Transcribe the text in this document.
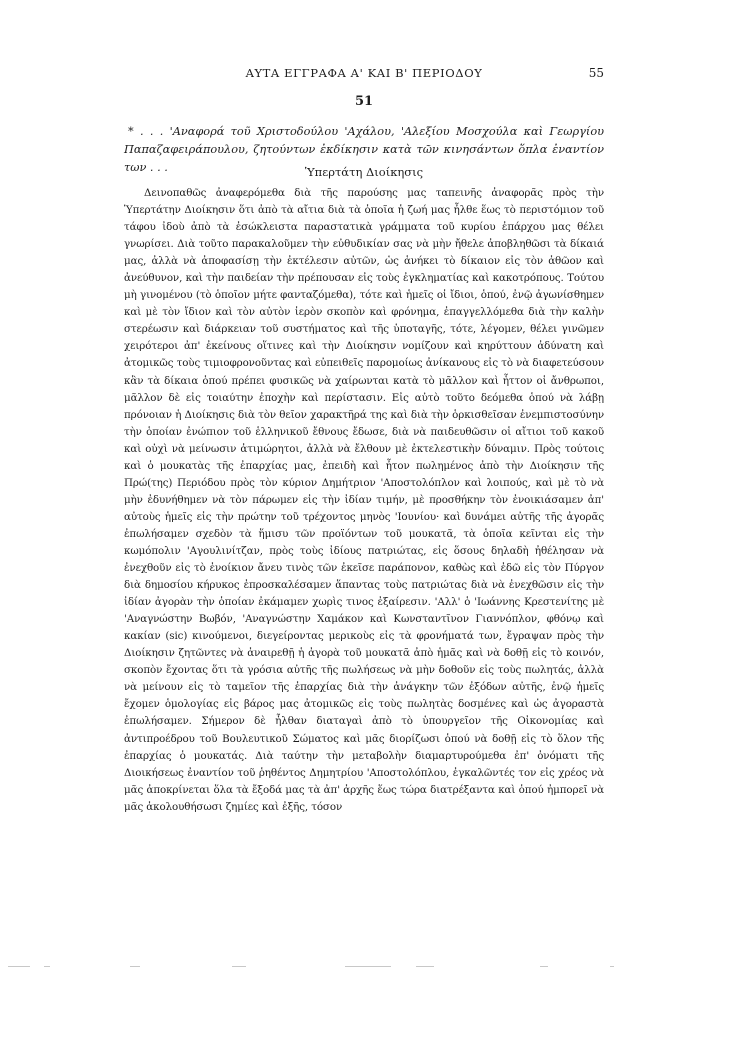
ΑΥΤΑ ΕΓΓΡΑΦΑ Α' ΚΑΙ Β' ΠΕΡΙΟΔΟΥ	55
51
* . . . 'Αναφορά τοῦ Χριστοδούλου 'Αχάλου, 'Αλεξίου Μοσχούλα καὶ Γεωργίου Παπαζαφειράπουλου, ζητούντων ἐκδίκησιν κατὰ τῶν κινησάντων ὅπλα ἐναντίον των . . .	Ὑπερτάτη Διοίκησις
Δεινοπαθῶς ἀναφερόμεθα διὰ τῆς παρούσης μας ταπεινῆς ἀναφορᾶς πρὸς τὴν Ὑπερτάτην Διοίκησιν ὅτι ἀπὸ τὰ αἴτια διὰ τὰ ὁποῖα ἡ ζωή μας ἦλθε ἕως τὸ περιστόμιον τοῦ τάφου ἰδοὺ ἀπὸ τὰ ἐσώκλειστα παραστατικὰ γράμματα τοῦ κυρίου ἐπάρχου μας θέλει γνωρίσει. Διὰ τοῦτο παρακαλοῦμεν τὴν εὐθυδικίαν σας νὰ μὴν ἤθελε ἀποβληθῶσι τὰ δίκαιά μας, ἀλλὰ νὰ ἀποφασίσῃ τὴν ἐκτέλεσιν αὐτῶν, ὡς ἁνήκει τὸ δίκαιον εἰς τὸν ἀθῶον καὶ ἀνεύθυνον, καὶ τὴν παιδείαν τὴν πρέπουσαν εἰς τοὺς ἐγκληματίας καὶ κακοτρόπους. Τούτου μὴ γινομένου (τὸ ὁποῖον μήτε φανταζόμεθα), τότε καὶ ἡμεῖς οἱ ἴδιοι, ὁπού, ἐνῷ ἀγωνίσθημεν καὶ μὲ τὸν ἴδιον καὶ τὸν αὐτὸν ἱερὸν σκοπὸν καὶ φρόνημα, ἐπαγγελλόμεθα διὰ τὴν καλὴν στερέωσιν καὶ διάρκειαν τοῦ συστήματος καὶ τῆς ὑποταγῆς, τότε, λέγομεν, θέλει γινῶμεν χειρότεροι ἀπ' ἐκείνους οἵτινες καὶ τὴν Διοίκησιν νομίζουν καὶ κηρύττουν ἀδύνατη καὶ ἀτομικῶς τοὺς τιμιοφρονοῦντας καὶ εὐπειθεῖς παρομοίως ἀνίκανους εἰς τὸ νὰ διαφετεύσουν κἂν τὰ δίκαια ὁπού πρέπει φυσικῶς νὰ χαίρωνται κατὰ τὸ μᾶλλον καὶ ἧττον οἱ ἄνθρωποι, μᾶλλον δὲ εἰς τοιαύτην ἐποχὴν καὶ περίστασιν. Εἰς αὐτὸ τοῦτο δεόμεθα ὁπού νὰ λάβῃ πρόνοιαν ἡ Διοίκησις διὰ τὸν θεῖον χαρακτῆρά της καὶ διὰ τὴν ὁρκισθεῖσαν ἐνεμπιστοσύνην τὴν ὁποίαν ἐνώπιον τοῦ ἑλληνικοῦ ἔθνους ἔδωσε, διὰ νὰ παιδευθῶσιν οἱ αἴτιοι τοῦ κακοῦ καὶ οὐχὶ νὰ μείνωσιν ἀτιμώρητοι, ἀλλὰ νὰ ἔλθουν μὲ ἐκτελεστικὴν δύναμιν. Πρὸς τούτοις καὶ ὁ μουκατὰς τῆς ἐπαρχίας μας, ἐπειδὴ καὶ ἦτον πωλημένος ἀπὸ τὴν Διοίκησιν τῆς Πρώ(της) Περιόδου πρὸς τὸν κύριον Δημήτριον 'Αποστολόπλον καὶ λοιπούς, καὶ μὲ τὸ νὰ μὴν ἐδυνήθημεν νὰ τὸν πάρωμεν εἰς τὴν ἰδίαν τιμήν, μὲ προσθήκην τὸν ἐνοικιάσαμεν ἀπ' αὐτοὺς ἡμεῖς εἰς τὴν πρώτην τοῦ τρέχοντος μηνὸς 'Ιουνίου· καὶ δυνάμει αὐτῆς τῆς ἀγορᾶς ἐπωλήσαμεν σχεδὸν τὰ ἥμισυ τῶν προϊόντων τοῦ μουκατᾶ, τὰ ὁποῖα κεῖνται εἰς τὴν κωμόπολιν 'Αγουλινίτζαν, πρὸς τοὺς ἰδίους πατριώτας, εἰς ὅσους δηλαδὴ ἠθέλησαν νὰ ἐνεχθοῦν εἰς τὸ ἐνοίκιον ἄνευ τινὸς τῶν ἐκεῖσε παράπονον, καθὼς καὶ ἐδῶ εἰς τὸν Πύργον διὰ δημοσίου κήρυκος ἐπροσκαλέσαμεν ἅπαντας τοὺς πατριώτας διὰ νὰ ἐνεχθῶσιν εἰς τὴν ἰδίαν ἀγορὰν τὴν ὁποίαν ἐκάμαμεν χωρὶς τινος ἐξαίρεσιν. 'Αλλ' ὁ 'Ιωάννης Κρεστενίτης μὲ 'Αναγνώστην Βωβόν, 'Αναγνώστην Χαμάκον καὶ Κωνσταντῖνον Γιαννόπλον, φθόνῳ καὶ κακίαν (sic) κινούμενοι, διεγείροντας μερικοὺς εἰς τὰ φρονήματά των, ἔγραψαν πρὸς τὴν Διοίκησιν ζητῶντες νὰ ἀναιρεθῇ ἡ ἀγορὰ τοῦ μουκατᾶ ἀπὸ ἡμᾶς καὶ νὰ δοθῇ εἰς τὸ κοινόν, σκοπὸν ἔχοντας ὅτι τὰ γρόσια αὐτῆς τῆς πωλήσεως νὰ μὴν δοθοῦν εἰς τοὺς πωλητάς, ἀλλὰ νὰ μείνουν εἰς τὸ ταμεῖον τῆς ἐπαρχίας διὰ τὴν ἀνάγκην τῶν ἐξόδων αὐτῆς, ἐνῷ ἡμεῖς ἔχομεν ὁμολογίας εἰς βάρος μας ἀτομικῶς εἰς τοὺς πωλητὰς δοσμένες καὶ ὡς ἀγοραστὰ ἐπωλήσαμεν. Σήμερον δὲ ἦλθαν διαταγαὶ ἀπὸ τὸ ὑπουργεῖον τῆς Οἰκονομίας καὶ ἀντιπροέδρου τοῦ Βουλευτικοῦ Σώματος καὶ μᾶς διορίζωσι ὁπού νὰ δοθῇ εἰς τὸ ὅλον τῆς ἐπαρχίας ὁ μουκατάς. Διὰ ταύτην τὴν μεταβολὴν διαμαρτυρούμεθα ἐπ' ὀνόματι τῆς Διοικήσεως ἐναντίον τοῦ ῥηθέντος Δημητρίου 'Αποστολόπλου, ἐγκαλῶντές τον εἰς χρέος νὰ μᾶς ἀποκρίνεται ὅλα τὰ ἔξοδά μας τὰ ἀπ' ἀρχῆς ἕως τώρα διατρέξαντα καὶ ὁπού ἠμπορεῖ νὰ μᾶς ἀκολουθήσωσι ζημίες καὶ ἐξῆς, τόσον
